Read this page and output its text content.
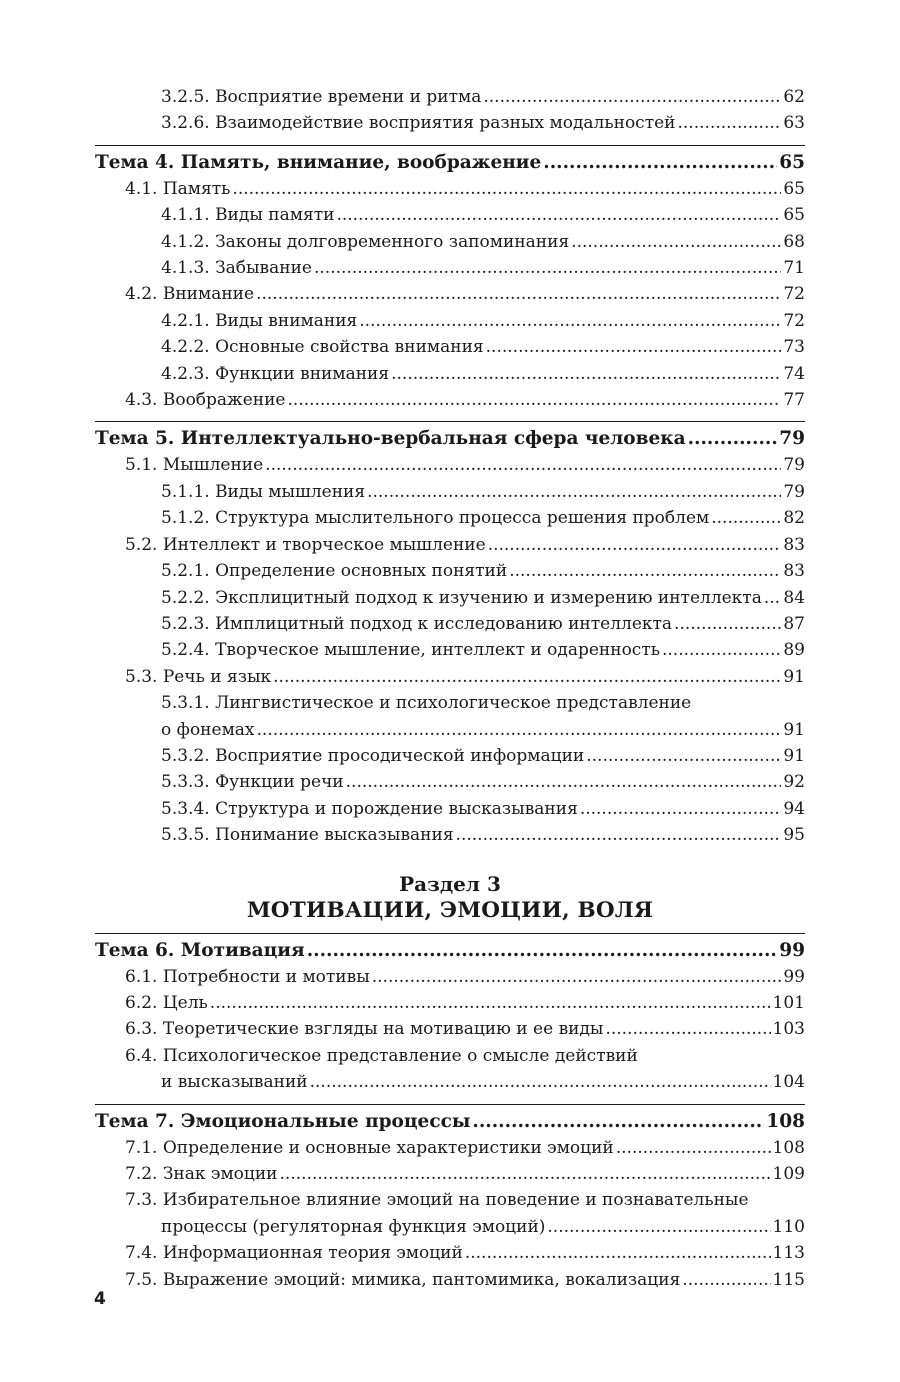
3.2.5. Восприятие времени и ритма .....	62
3.2.6. Взаимодействие восприятия разных модальностей .....	63
Тема 4. Память, внимание, воображение .....	65
4.1. Память .....	65
4.1.1. Виды памяти .....	65
4.1.2. Законы долговременного запоминания .....	68
4.1.3. Забывание .....	71
4.2. Внимание .....	72
4.2.1. Виды внимания .....	72
4.2.2. Основные свойства внимания .....	73
4.2.3. Функции внимания .....	74
4.3. Воображение .....	77
Тема 5. Интеллектуально-вербальная сфера человека .....	79
5.1. Мышление .....	79
5.1.1. Виды мышления .....	79
5.1.2. Структура мыслительного процесса решения проблем .....	82
5.2. Интеллект и творческое мышление .....	83
5.2.1. Определение основных понятий .....	83
5.2.2. Эксплицитный подход к изучению и измерению интеллекта ..... 84
5.2.3. Имплицитный подход к исследованию интеллекта .....	87
5.2.4. Творческое мышление, интеллект и одаренность .....	89
5.3. Речь и язык .....	91
5.3.1. Лингвистическое и психологическое представление
о фонемах .....	91
5.3.2. Восприятие просодической информации .....	91
5.3.3. Функции речи .....	92
5.3.4. Структура и порождение высказывания .....	94
5.3.5. Понимание высказывания .....	95
Раздел 3
МОТИВАЦИИ, ЭМОЦИИ, ВОЛЯ
Тема 6. Мотивация .....	99
6.1. Потребности и мотивы .....	99
6.2. Цель .....	101
6.3. Теоретические взгляды на мотивацию и ее виды .....	103
6.4. Психологическое представление о смысле действий
и высказываний .....	104
Тема 7. Эмоциональные процессы .....	108
7.1. Определение и основные характеристики эмоций .....	108
7.2. Знак эмоции .....	109
7.3. Избирательное влияние эмоций на поведение и познавательные
процессы (регуляторная функция эмоций) .....	110
7.4. Информационная теория эмоций .....	113
7.5. Выражение эмоций: мимика, пантомимика, вокализация .....	115
4
